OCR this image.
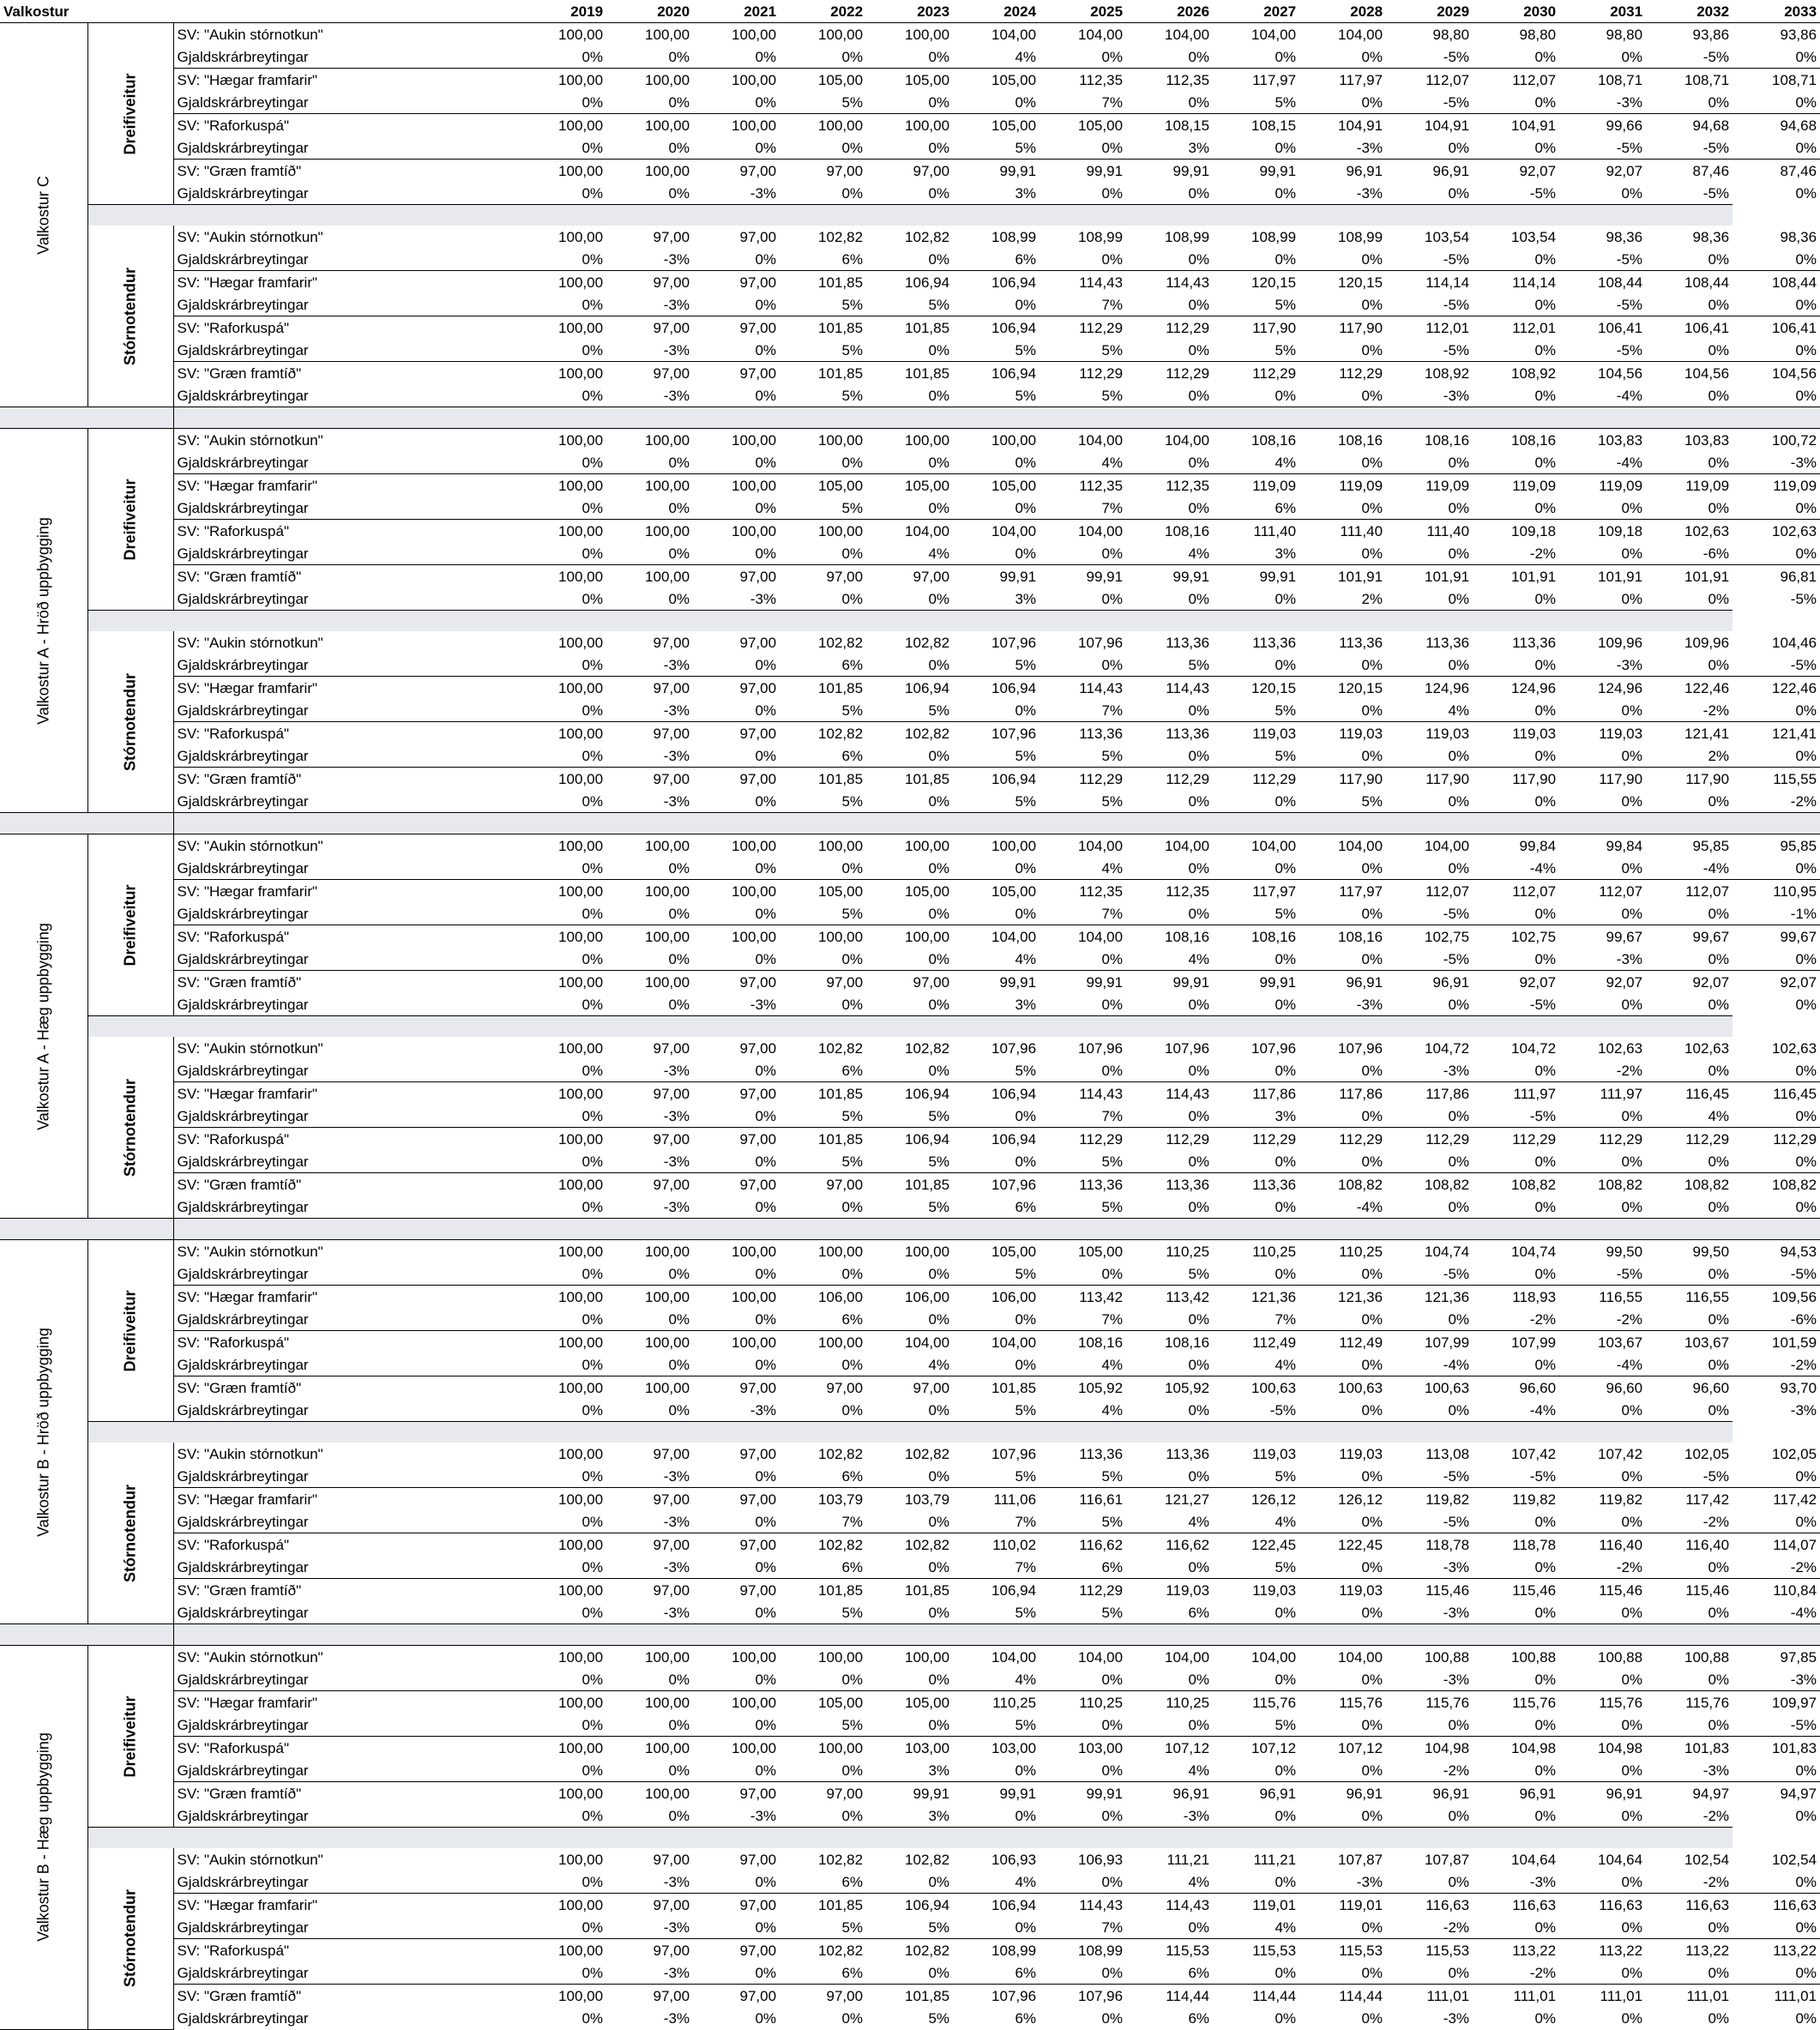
Valkostur			2019	2020	2021	2022	2023	2024	2025	2026	2027	2028	2029	2030	2031	2032	2033

Valkostur C	Dreifiveitur	SV: "Aukin stórnotkun"	100,00	100,00	100,00	100,00	100,00	104,00	104,00	104,00	104,00	104,00	98,80	98,80	98,80	93,86	93,86
		Gjaldskrárbreytingar	0%	0%	0%	0%	0%	4%	0%	0%	0%	0%	-5%	0%	0%	-5%	0%
		SV: "Hægar framfarir"	100,00	100,00	100,00	105,00	105,00	105,00	112,35	112,35	117,97	117,97	112,07	112,07	108,71	108,71	108,71
		Gjaldskrárbreytingar	0%	0%	0%	5%	0%	0%	7%	0%	5%	0%	-5%	0%	-3%	0%	0%
		SV: "Raforkuspá"	100,00	100,00	100,00	100,00	100,00	105,00	105,00	108,15	108,15	104,91	104,91	104,91	99,66	94,68	94,68
		Gjaldskrárbreytingar	0%	0%	0%	0%	0%	5%	0%	3%	0%	-3%	0%	0%	-5%	-5%	0%
		SV: "Græn framtíð"	100,00	100,00	97,00	97,00	97,00	99,91	99,91	99,91	99,91	96,91	96,91	92,07	92,07	87,46	87,46
		Gjaldskrárbreytingar	0%	0%	-3%	0%	0%	3%	0%	0%	0%	-3%	0%	-5%	0%	-5%	0%

	Stórnotendur	SV: "Aukin stórnotkun"	100,00	97,00	97,00	102,82	102,82	108,99	108,99	108,99	108,99	108,99	103,54	103,54	98,36	98,36	98,36
		Gjaldskrárbreytingar	0%	-3%	0%	6%	0%	6%	0%	0%	0%	0%	-5%	0%	-5%	0%	0%
		SV: "Hægar framfarir"	100,00	97,00	97,00	101,85	106,94	106,94	114,43	114,43	120,15	120,15	114,14	114,14	108,44	108,44	108,44
		Gjaldskrárbreytingar	0%	-3%	0%	5%	5%	0%	7%	0%	5%	0%	-5%	0%	-5%	0%	0%
		SV: "Raforkuspá"	100,00	97,00	97,00	101,85	101,85	106,94	112,29	112,29	117,90	117,90	112,01	112,01	106,41	106,41	106,41
		Gjaldskrárbreytingar	0%	-3%	0%	5%	0%	5%	5%	0%	5%	0%	-5%	0%	-5%	0%	0%
		SV: "Græn framtíð"	100,00	97,00	97,00	101,85	101,85	106,94	112,29	112,29	112,29	112,29	108,92	108,92	104,56	104,56	104,56
		Gjaldskrárbreytingar	0%	-3%	0%	5%	0%	5%	5%	0%	0%	0%	-3%	0%	-4%	0%	0%

Valkostur A - Hröð uppbygging	Dreifiveitur	SV: "Aukin stórnotkun"	100,00	100,00	100,00	100,00	100,00	100,00	104,00	104,00	108,16	108,16	108,16	108,16	103,83	103,83	100,72
		Gjaldskrárbreytingar	0%	0%	0%	0%	0%	0%	4%	0%	4%	0%	0%	0%	-4%	0%	-3%
		SV: "Hægar framfarir"	100,00	100,00	100,00	105,00	105,00	105,00	112,35	112,35	119,09	119,09	119,09	119,09	119,09	119,09	119,09
		Gjaldskrárbreytingar	0%	0%	0%	5%	0%	0%	7%	0%	6%	0%	0%	0%	0%	0%	0%
		SV: "Raforkuspá"	100,00	100,00	100,00	100,00	104,00	104,00	104,00	108,16	111,40	111,40	111,40	109,18	109,18	102,63	102,63
		Gjaldskrárbreytingar	0%	0%	0%	0%	4%	0%	0%	4%	3%	0%	0%	-2%	0%	-6%	0%
		SV: "Græn framtíð"	100,00	100,00	97,00	97,00	97,00	99,91	99,91	99,91	99,91	101,91	101,91	101,91	101,91	101,91	96,81
		Gjaldskrárbreytingar	0%	0%	-3%	0%	0%	3%	0%	0%	0%	2%	0%	0%	0%	0%	-5%

	Stórnotendur	SV: "Aukin stórnotkun"	100,00	97,00	97,00	102,82	102,82	107,96	107,96	113,36	113,36	113,36	113,36	113,36	109,96	109,96	104,46
		Gjaldskrárbreytingar	0%	-3%	0%	6%	0%	5%	0%	5%	0%	0%	0%	0%	-3%	0%	-5%
		SV: "Hægar framfarir"	100,00	97,00	97,00	101,85	106,94	106,94	114,43	114,43	120,15	120,15	124,96	124,96	124,96	122,46	122,46
		Gjaldskrárbreytingar	0%	-3%	0%	5%	5%	0%	7%	0%	5%	0%	4%	0%	0%	-2%	0%
		SV: "Raforkuspá"	100,00	97,00	97,00	102,82	102,82	107,96	113,36	113,36	119,03	119,03	119,03	119,03	119,03	121,41	121,41
		Gjaldskrárbreytingar	0%	-3%	0%	6%	0%	5%	5%	0%	5%	0%	0%	0%	0%	2%	0%
		SV: "Græn framtíð"	100,00	97,00	97,00	101,85	101,85	106,94	112,29	112,29	112,29	117,90	117,90	117,90	117,90	117,90	115,55
		Gjaldskrárbreytingar	0%	-3%	0%	5%	0%	5%	5%	0%	0%	5%	0%	0%	0%	0%	-2%

Valkostur A - Hæg uppbygging	Dreifiveitur	SV: "Aukin stórnotkun"	100,00	100,00	100,00	100,00	100,00	100,00	104,00	104,00	104,00	104,00	104,00	99,84	99,84	95,85	95,85
		Gjaldskrárbreytingar	0%	0%	0%	0%	0%	0%	4%	0%	0%	0%	0%	-4%	0%	-4%	0%
		SV: "Hægar framfarir"	100,00	100,00	100,00	105,00	105,00	105,00	112,35	112,35	117,97	117,97	112,07	112,07	112,07	112,07	110,95
		Gjaldskrárbreytingar	0%	0%	0%	5%	0%	0%	7%	0%	5%	0%	-5%	0%	0%	0%	-1%
		SV: "Raforkuspá"	100,00	100,00	100,00	100,00	100,00	104,00	104,00	108,16	108,16	108,16	102,75	102,75	99,67	99,67	99,67
		Gjaldskrárbreytingar	0%	0%	0%	0%	0%	4%	0%	4%	0%	0%	-5%	0%	-3%	0%	0%
		SV: "Græn framtíð"	100,00	100,00	97,00	97,00	97,00	99,91	99,91	99,91	99,91	96,91	96,91	92,07	92,07	92,07	92,07
		Gjaldskrárbreytingar	0%	0%	-3%	0%	0%	3%	0%	0%	0%	-3%	0%	-5%	0%	0%	0%

	Stórnotendur	SV: "Aukin stórnotkun"	100,00	97,00	97,00	102,82	102,82	107,96	107,96	107,96	107,96	107,96	104,72	104,72	102,63	102,63	102,63
		Gjaldskrárbreytingar	0%	-3%	0%	6%	0%	5%	0%	0%	0%	0%	-3%	0%	-2%	0%	0%
		SV: "Hægar framfarir"	100,00	97,00	97,00	101,85	106,94	106,94	114,43	114,43	117,86	117,86	117,86	111,97	111,97	116,45	116,45
		Gjaldskrárbreytingar	0%	-3%	0%	5%	5%	0%	7%	0%	3%	0%	0%	-5%	0%	4%	0%
		SV: "Raforkuspá"	100,00	97,00	97,00	101,85	106,94	106,94	112,29	112,29	112,29	112,29	112,29	112,29	112,29	112,29	112,29
		Gjaldskrárbreytingar	0%	-3%	0%	5%	5%	0%	5%	0%	0%	0%	0%	0%	0%	0%	0%
		SV: "Græn framtíð"	100,00	97,00	97,00	97,00	101,85	107,96	113,36	113,36	113,36	108,82	108,82	108,82	108,82	108,82	108,82
		Gjaldskrárbreytingar	0%	-3%	0%	0%	5%	6%	5%	0%	0%	-4%	0%	0%	0%	0%	0%

Valkostur B - Hröð uppbygging	Dreifiveitur	SV: "Aukin stórnotkun"	100,00	100,00	100,00	100,00	100,00	105,00	105,00	110,25	110,25	110,25	104,74	104,74	99,50	99,50	94,53
		Gjaldskrárbreytingar	0%	0%	0%	0%	0%	5%	0%	5%	0%	0%	-5%	0%	-5%	0%	-5%
		SV: "Hægar framfarir"	100,00	100,00	100,00	106,00	106,00	106,00	113,42	113,42	121,36	121,36	121,36	118,93	116,55	116,55	109,56
		Gjaldskrárbreytingar	0%	0%	0%	6%	0%	0%	7%	0%	7%	0%	0%	-2%	-2%	0%	-6%
		SV: "Raforkuspá"	100,00	100,00	100,00	100,00	104,00	104,00	108,16	108,16	112,49	112,49	107,99	107,99	103,67	103,67	101,59
		Gjaldskrárbreytingar	0%	0%	0%	0%	4%	0%	4%	0%	4%	0%	-4%	0%	-4%	0%	-2%
		SV: "Græn framtíð"	100,00	100,00	97,00	97,00	97,00	101,85	105,92	105,92	100,63	100,63	100,63	96,60	96,60	96,60	93,70
		Gjaldskrárbreytingar	0%	0%	-3%	0%	0%	5%	4%	0%	-5%	0%	0%	-4%	0%	0%	-3%

	Stórnotendur	SV: "Aukin stórnotkun"	100,00	97,00	97,00	102,82	102,82	107,96	113,36	113,36	119,03	119,03	113,08	107,42	107,42	102,05	102,05
		Gjaldskrárbreytingar	0%	-3%	0%	6%	0%	5%	5%	0%	5%	0%	-5%	-5%	0%	-5%	0%
		SV: "Hægar framfarir"	100,00	97,00	97,00	103,79	103,79	111,06	116,61	121,27	126,12	126,12	119,82	119,82	119,82	117,42	117,42
		Gjaldskrárbreytingar	0%	-3%	0%	7%	0%	7%	5%	4%	4%	0%	-5%	0%	0%	-2%	0%
		SV: "Raforkuspá"	100,00	97,00	97,00	102,82	102,82	110,02	116,62	116,62	122,45	122,45	118,78	118,78	116,40	116,40	114,07
		Gjaldskrárbreytingar	0%	-3%	0%	6%	0%	7%	6%	0%	5%	0%	-3%	0%	-2%	0%	-2%
		SV: "Græn framtíð"	100,00	97,00	97,00	101,85	101,85	106,94	112,29	119,03	119,03	119,03	115,46	115,46	115,46	115,46	110,84
		Gjaldskrárbreytingar	0%	-3%	0%	5%	0%	5%	5%	6%	0%	0%	-3%	0%	0%	0%	-4%

Valkostur B - Hæg uppbygging	Dreifiveitur	SV: "Aukin stórnotkun"	100,00	100,00	100,00	100,00	100,00	104,00	104,00	104,00	104,00	104,00	100,88	100,88	100,88	100,88	97,85
		Gjaldskrárbreytingar	0%	0%	0%	0%	0%	4%	0%	0%	0%	0%	-3%	0%	0%	0%	-3%
		SV: "Hægar framfarir"	100,00	100,00	100,00	105,00	105,00	110,25	110,25	110,25	115,76	115,76	115,76	115,76	115,76	115,76	109,97
		Gjaldskrárbreytingar	0%	0%	0%	5%	0%	5%	0%	0%	5%	0%	0%	0%	0%	0%	-5%
		SV: "Raforkuspá"	100,00	100,00	100,00	100,00	103,00	103,00	103,00	107,12	107,12	107,12	104,98	104,98	104,98	101,83	101,83
		Gjaldskrárbreytingar	0%	0%	0%	0%	3%	0%	0%	4%	0%	0%	-2%	0%	0%	-3%	0%
		SV: "Græn framtíð"	100,00	100,00	97,00	97,00	99,91	99,91	99,91	96,91	96,91	96,91	96,91	96,91	96,91	94,97	94,97
		Gjaldskrárbreytingar	0%	0%	-3%	0%	3%	0%	0%	-3%	0%	0%	0%	0%	0%	-2%	0%

	Stórnotendur	SV: "Aukin stórnotkun"	100,00	97,00	97,00	102,82	102,82	106,93	106,93	111,21	111,21	107,87	107,87	104,64	104,64	102,54	102,54
		Gjaldskrárbreytingar	0%	-3%	0%	6%	0%	4%	0%	4%	0%	-3%	0%	-3%	0%	-2%	0%
		SV: "Hægar framfarir"	100,00	97,00	97,00	101,85	106,94	106,94	114,43	114,43	119,01	119,01	116,63	116,63	116,63	116,63	116,63
		Gjaldskrárbreytingar	0%	-3%	0%	5%	5%	0%	7%	0%	4%	0%	-2%	0%	0%	0%	0%
		SV: "Raforkuspá"	100,00	97,00	97,00	102,82	102,82	108,99	108,99	115,53	115,53	115,53	115,53	113,22	113,22	113,22	113,22
		Gjaldskrárbreytingar	0%	-3%	0%	6%	0%	6%	0%	6%	0%	0%	0%	-2%	0%	0%	0%
		SV: "Græn framtíð"	100,00	97,00	97,00	97,00	101,85	107,96	107,96	114,44	114,44	114,44	111,01	111,01	111,01	111,01	111,01
		Gjaldskrárbreytingar	0%	-3%	0%	0%	5%	6%	0%	6%	0%	0%	-3%	0%	0%	0%	0%
